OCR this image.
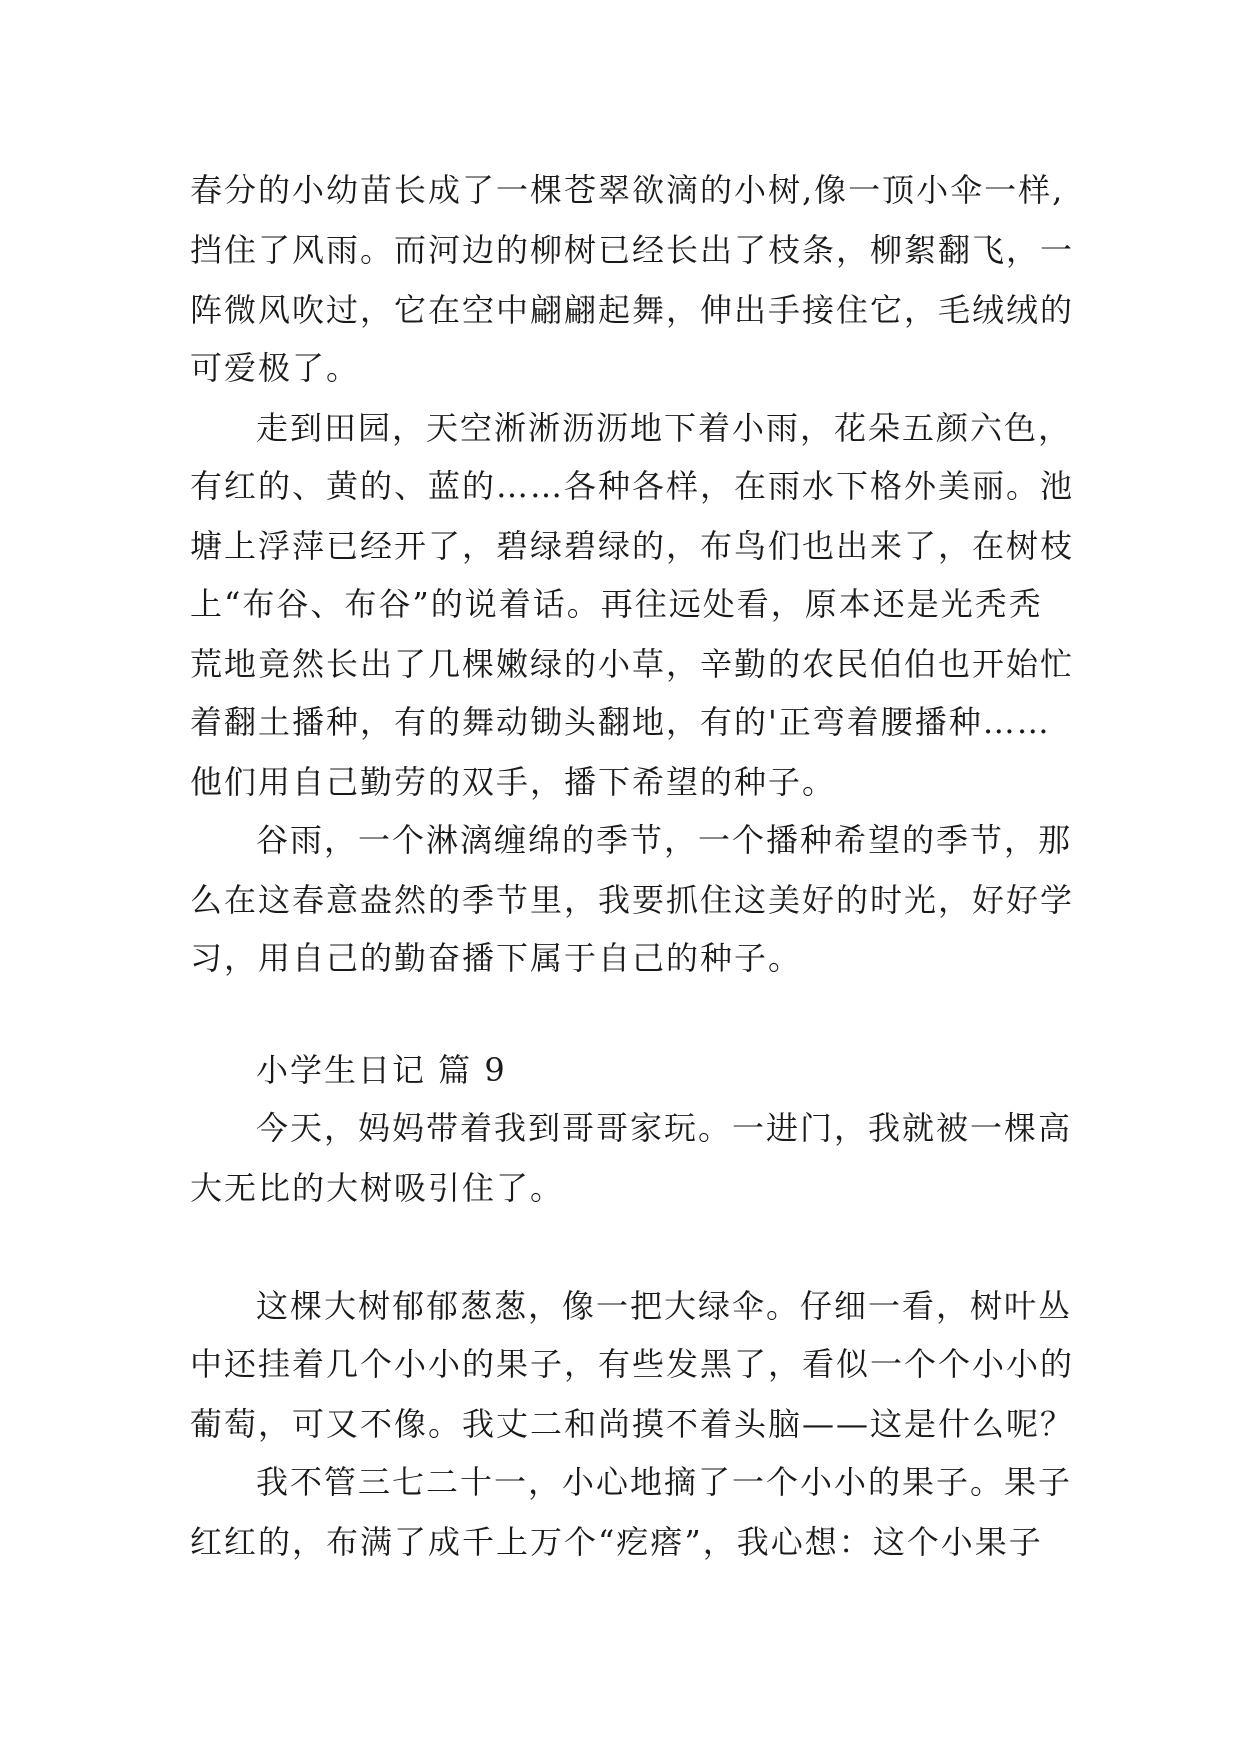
春分的小幼苗长成了一棵苍翠欲滴的小树,像一顶小伞一样,

挡住了风雨。而河边的柳树已经长出了枝条，柳絮翻飞，一

阵微风吹过，它在空中翩翩起舞，伸出手接住它，毛绒绒的

可爱极了。

走到田园，天空淅淅沥沥地下着小雨，花朵五颜六色，

有红的、黄的、蓝的……各种各样，在雨水下格外美丽。池

塘上浮萍已经开了，碧绿碧绿的，布鸟们也出来了，在树枝

上“布谷、布谷”的说着话。再往远处看，原本还是光秃秃

荒地竟然长出了几棵嫩绿的小草，辛勤的农民伯伯也开始忙

着翻土播种，有的舞动锄头翻地，有的'正弯着腰播种……

他们用自己勤劳的双手，播下希望的种子。

谷雨，一个淋漓缠绵的季节，一个播种希望的季节，那

么在这春意盎然的季节里，我要抓住这美好的时光，好好学

习，用自己的勤奋播下属于自己的种子。

小学生日记 篇 9

今天，妈妈带着我到哥哥家玩。一进门，我就被一棵高

大无比的大树吸引住了。

这棵大树郁郁葱葱，像一把大绿伞。仔细一看，树叶丛

中还挂着几个小小的果子，有些发黑了，看似一个个小小的

葡萄，可又不像。我丈二和尚摸不着头脑——这是什么呢？

我不管三七二十一，小心地摘了一个小小的果子。果子

红红的，布满了成千上万个“疙瘩”，我心想：这个小果子
